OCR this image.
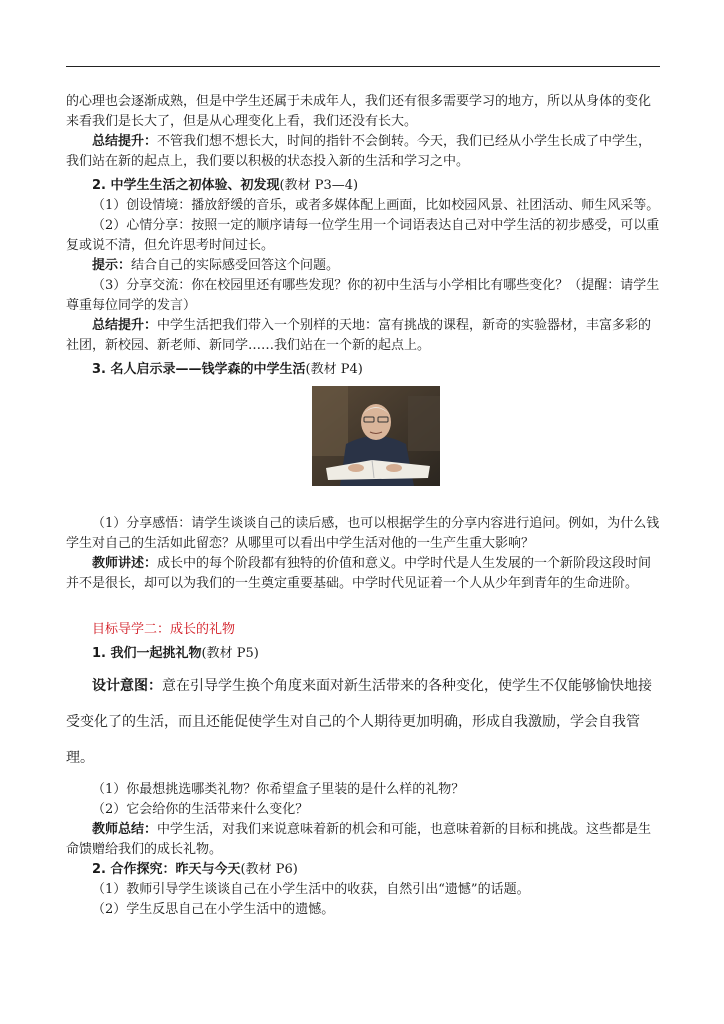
的心理也会逐渐成熟，但是中学生还属于未成年人，我们还有很多需要学习的地方，所以从身体的变化来看我们是长大了，但是从心理变化上看，我们还没有长大。

总结提升：不管我们想不想长大，时间的指针不会倒转。今天，我们已经从小学生长成了中学生，我们站在新的起点上，我们要以积极的状态投入新的生活和学习之中。

2. 中学生生活之初体验、初发现(教材 P3—4)

（1）创设情境：播放舒缓的音乐，或者多媒体配上画面，比如校园风景、社团活动、师生风采等。

（2）心情分享：按照一定的顺序请每一位学生用一个词语表达自己对中学生活的初步感受，可以重复或说不清，但允许思考时间过长。

提示：结合自己的实际感受回答这个问题。

（3）分享交流：你在校园里还有哪些发现？你的初中生活与小学相比有哪些变化？（提醒：请学生尊重每位同学的发言）

总结提升：中学生活把我们带入一个别样的天地：富有挑战的课程，新奇的实验器材，丰富多彩的社团，新校园、新老师、新同学……我们站在一个新的起点上。

3. 名人启示录——钱学森的中学生活(教材 P4)

（1）分享感悟：请学生谈谈自己的读后感，也可以根据学生的分享内容进行追问。例如，为什么钱学生对自己的生活如此留恋？从哪里可以看出中学生活对他的一生产生重大影响？

教师讲述：成长中的每个阶段都有独特的价值和意义。中学时代是人生发展的一个新阶段这段时间并不是很长，却可以为我们的一生奠定重要基础。中学时代见证着一个人从少年到青年的生命进阶。

目标导学二：成长的礼物

1. 我们一起挑礼物(教材 P5)

设计意图：意在引导学生换个角度来面对新生活带来的各种变化，使学生不仅能够愉快地接受变化了的生活，而且还能促使学生对自己的个人期待更加明确，形成自我激励，学会自我管理。

（1）你最想挑选哪类礼物？你希望盒子里装的是什么样的礼物？

（2）它会给你的生活带来什么变化？

教师总结：中学生活，对我们来说意味着新的机会和可能，也意味着新的目标和挑战。这些都是生命馈赠给我们的成长礼物。

2. 合作探究：昨天与今天(教材 P6)

（1）教师引导学生谈谈自己在小学生活中的收获，自然引出“遗憾”的话题。

（2）学生反思自己在小学生活中的遗憾。
